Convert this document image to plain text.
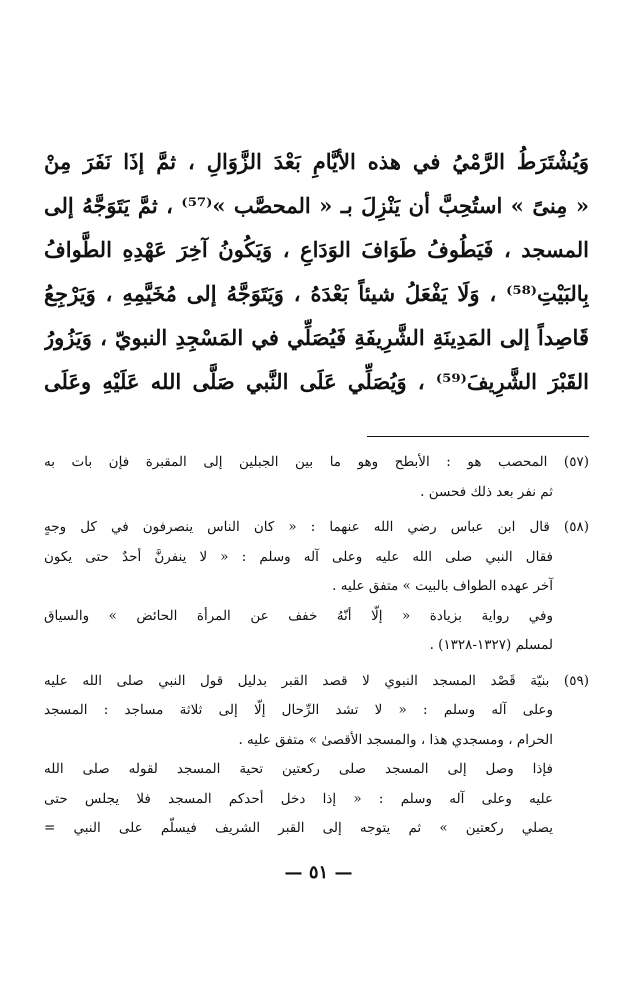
وَيُشْتَرَطُ الرَّمْيُ في هذه الأيَّامِ بَعْدَ الزَّوَالِ ، ثمَّ إذَا نَفَرَ مِنْ
« مِنىً » استُحِبَّ أن يَنْزِلَ بـ « المحصَّب »⁽⁵⁷⁾ ، ثمَّ يَتَوَجَّهُ إلى
المسجد ، فَيَطُوفُ طَوَافَ الوَدَاعِ ، وَيَكُونُ آخِرَ عَهْدِهِ الطَّوافُ
بِالبَيْتِ⁽⁵⁸⁾ ، وَلَا يَفْعَلُ شيئاً بَعْدَهُ ، وَيَتَوَجَّهُ إلى مُخَيَّمِهِ ، وَيَرْجِعُ
قَاصِداً إلى المَدِينَةِ الشَّرِيفَةِ فَيُصَلِّي في المَسْجِدِ النبويّ ، وَيَزُورُ
القَبْرَ الشَّرِيفَ⁽⁵⁹⁾ ، وَيُصَلِّي عَلَى النَّبي صَلَّى الله عَلَيْهِ وعَلَى
(٥٧) المحصب هو : الأبطح وهو ما بين الجبلين إلى المقبرة فإن بات به
ثم نفر بعد ذلك فحسن .
(٥٨) قال ابن عباس رضي الله عنهما : « كان الناس ينصرفون في كل وجهٍ
فقال النبي صلى الله عليه وعلى آله وسلم : « لا ينفرنَّ أحدٌ حتى يكون
آخر عهده الطواف بالبيت » متفق عليه .
وفي رواية بزيادة « إلّا أنّهُ خفف عن المرأة الحائض » والسياق
لمسلم (١٣٢٧-١٣٢٨) .
(٥٩) بنيّة قَصْد المسجد النبوي لا قصد القبر بدليل قول النبي صلى الله عليه
وعلى آله وسلم : « لا تشد الرِّحال إلّا إلى ثلاثة مساجد : المسجد
الحرام ، ومسجدي هذا ، والمسجد الأقصىٰ » متفق عليه .
فإذا وصل إلى المسجد صلى ركعتين تحية المسجد لقوله صلى الله
عليه وعلى آله وسلم : « إذا دخل أحدكم المسجد فلا يجلس حتى
يصلي ركعتين » ثم يتوجه إلى القبر الشريف فيسلّم على النبي =
— ٥١ —
